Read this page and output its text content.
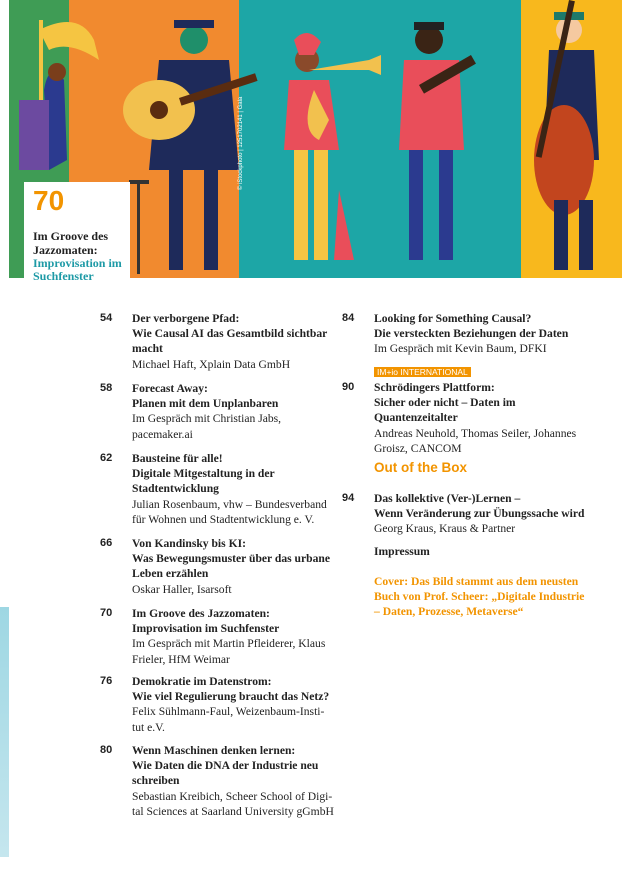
© iStockphoto | 1251702141 | Gala
70
Im Groove des Jazzomaten:
Improvisation im
Suchfenster
54 Der verborgene Pfad:
Wie Causal AI das Gesamtbild sichtbar
macht
Michael Haft, Xplain Data GmbH
58 Forecast Away:
Planen mit dem Unplanbaren
Im Gespräch mit Christian Jabs,
pacemaker.ai
62 Bausteine für alle!
Digitale Mitgestaltung in der
Stadtentwicklung
Julian Rosenbaum, vhw – Bundesverband
für Wohnen und Stadtentwicklung e. V.
66 Von Kandinsky bis KI:
Was Bewegungsmuster über das urbane
Leben erzählen
Oskar Haller, Isarsoft
70 Im Groove des Jazzomaten:
Improvisation im Suchfenster
Im Gespräch mit Martin Pfleiderer, Klaus
Frieler, HfM Weimar
76 Demokratie im Datenstrom:
Wie viel Regulierung braucht das Netz?
Felix Sühlmann-Faul, Weizenbaum-Insti-
tut e.V.
80 Wenn Maschinen denken lernen:
Wie Daten die DNA der Industrie neu
schreiben
Sebastian Kreibich, Scheer School of Digi-
tal Sciences at Saarland University gGmbH
84 Looking for Something Causal?
Die versteckten Beziehungen der Daten
Im Gespräch mit Kevin Baum, DFKI
IM+io INTERNATIONAL
90 Schrödingers Plattform:
Sicher oder nicht – Daten im
Quantenzeitalter
Andreas Neuhold, Thomas Seiler, Johannes
Groisz, CANCOM
Out of the Box
94 Das kollektive (Ver-)Lernen –
Wenn Veränderung zur Übungssache wird
Georg Kraus, Kraus & Partner
Impressum
Cover: Das Bild stammt aus dem neusten
Buch von Prof. Scheer: „Digitale Industrie
– Daten, Prozesse, Metaverse“
